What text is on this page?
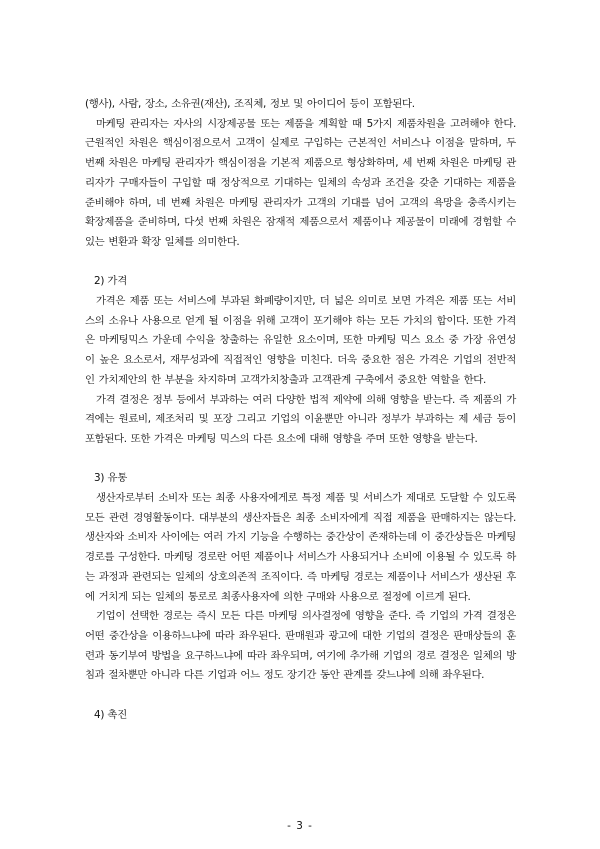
(행사), 사람, 장소, 소유권(재산), 조직체, 정보 및 아이디어 등이 포함된다.

마케팅 관리자는 자사의 시장제공물 또는 제품을 계획할 때 5가지 제품차원을 고려해야 한다. 근원적인 차원은 핵심이점으로서 고객이 실제로 구입하는 근본적인 서비스나 이점을 말하며, 두 번째 차원은 마케팅 관리자가 핵심이점을 기본적 제품으로 형상화하며, 세 번째 차원은 마케팅 관리자가 구매자들이 구입할 때 정상적으로 기대하는 일체의 속성과 조건을 갖춘 기대하는 제품을 준비해야 하며, 네 번째 차원은 마케팅 관리자가 고객의 기대를 넘어 고객의 욕망을 충족시키는 확장제품을 준비하며, 다섯 번째 차원은 잠재적 제품으로서 제품이나 제공물이 미래에 경험할 수 있는 변환과 확장 일체를 의미한다.

2) 가격

가격은 제품 또는 서비스에 부과된 화폐량이지만, 더 넓은 의미로 보면 가격은 제품 또는 서비스의 소유나 사용으로 얻게 될 이점을 위해 고객이 포기해야 하는 모든 가치의 합이다. 또한 가격은 마케팅믹스 가운데 수익을 창출하는 유일한 요소이며, 또한 마케팅 믹스 요소 중 가장 유연성이 높은 요소로서, 재무성과에 직접적인 영향을 미친다. 더욱 중요한 점은 가격은 기업의 전반적인 가치제안의 한 부분을 차지하며 고객가치창출과 고객관계 구축에서 중요한 역할을 한다.

가격 결정은 정부 등에서 부과하는 여러 다양한 법적 제약에 의해 영향을 받는다. 즉 제품의 가격에는 원료비, 제조처리 및 포장 그리고 기업의 이윤뿐만 아니라 정부가 부과하는 제 세금 등이 포함된다. 또한 가격은 마케팅 믹스의 다른 요소에 대해 영향을 주며 또한 영향을 받는다.

3) 유통

생산자로부터 소비자 또는 최종 사용자에게로 특정 제품 및 서비스가 제대로 도달할 수 있도록 모든 관련 경영활동이다. 대부분의 생산자들은 최종 소비자에게 직접 제품을 판매하지는 않는다. 생산자와 소비자 사이에는 여러 가지 기능을 수행하는 중간상이 존재하는데 이 중간상들은 마케팅 경로를 구성한다. 마케팅 경로란 어떤 제품이나 서비스가 사용되거나 소비에 이용될 수 있도록 하는 과정과 관련되는 일체의 상호의존적 조직이다. 즉 마케팅 경로는 제품이나 서비스가 생산된 후에 거치게 되는 일체의 통로로 최종사용자에 의한 구매와 사용으로 절정에 이르게 된다.

기업이 선택한 경로는 즉시 모든 다른 마케팅 의사결정에 영향을 준다. 즉 기업의 가격 결정은 어떤 중간상을 이용하느냐에 따라 좌우된다. 판매원과 광고에 대한 기업의 결정은 판매상들의 훈련과 동기부여 방법을 요구하느냐에 따라 좌우되며, 여기에 추가해 기업의 경로 결정은 일체의 방침과 절차뿐만 아니라 다른 기업과 어느 정도 장기간 동안 관계를 갖느냐에 의해 좌우된다.

4) 촉진

- 3 -
